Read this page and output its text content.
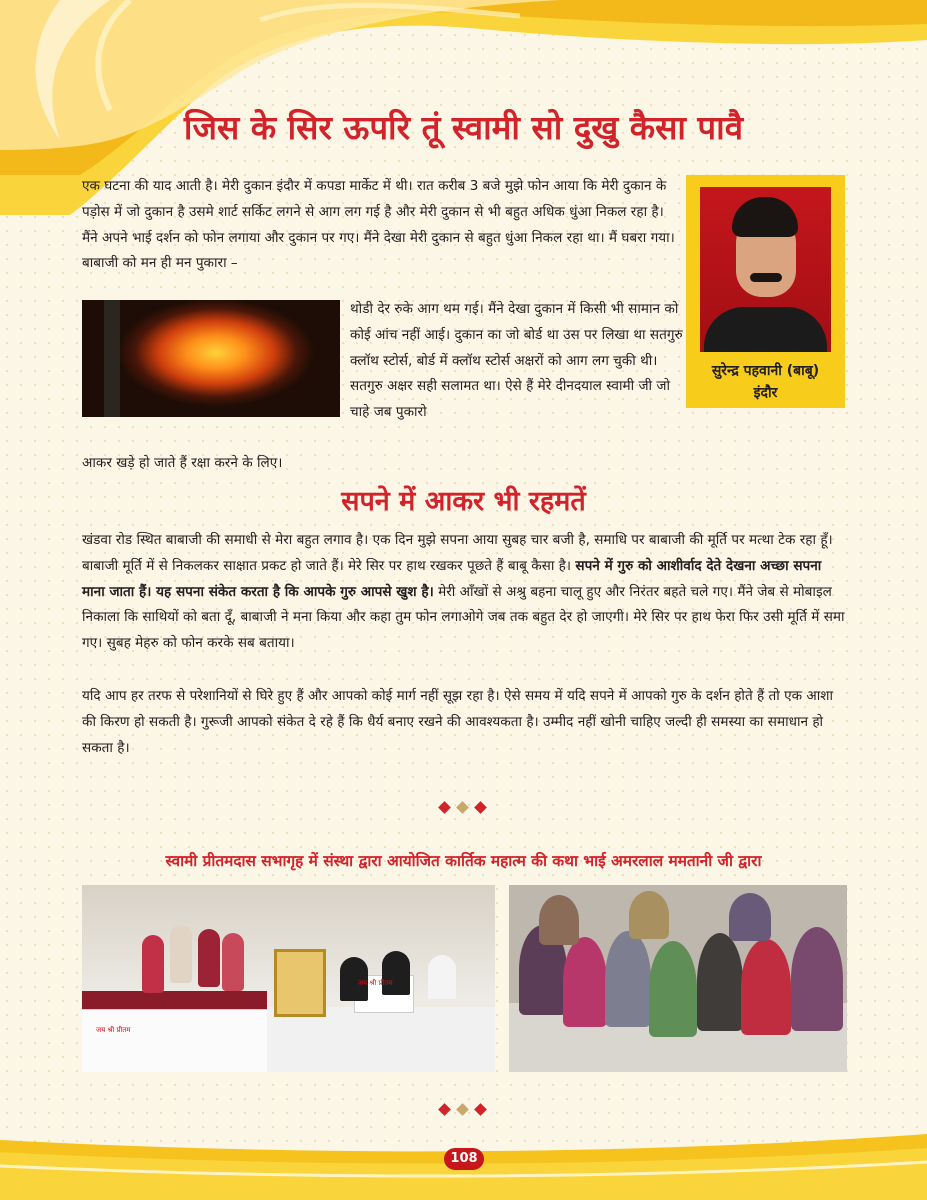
जिस के सिर ऊपरि तूं स्वामी सो दुखु कैसा पावै

एक घटना की याद आती है। मेरी दुकान इंदौर में कपडा मार्केट में थी। रात करीब 3 बजे मुझे फोन आया कि मेरी दुकान के पड़ोस में जो दुकान है उसमे शार्ट सर्किट लगने से आग लग गई है और मेरी दुकान से भी बहुत अधिक धुंआ निकल रहा है। मैंने अपने भाई दर्शन को फोन लगाया और दुकान पर गए। मैंने देखा मेरी दुकान से बहुत धुंआ निकल रहा था। मैं घबरा गया। बाबाजी को मन ही मन पुकारा –

थोडी देर रुके आग थम गई। मैंने देखा दुकान में किसी भी सामान को कोई आंच नहीं आई। दुकान का जो बोर्ड था उस पर लिखा था सतगुरु क्लॉथ स्टोर्स, बोर्ड में क्लॉथ स्टोर्स अक्षरों को आग लग चुकी थी। सतगुरु अक्षर सही सलामत था। ऐसे हैं मेरे दीनदयाल स्वामी जी जो चाहे जब पुकारो

आकर खड़े हो जाते हैं रक्षा करने के लिए।

सुरेन्द्र पहवानी (बाबू)

इंदौर

सपने में आकर भी रहमतें

खंडवा रोड स्थित बाबाजी की समाधी से मेरा बहुत लगाव है। एक दिन मुझे सपना आया सुबह चार बजी है, समाधि पर बाबाजी की मूर्ति पर मत्था टेक रहा हूँ। बाबाजी मूर्ति में से निकलकर साक्षात प्रकट हो जाते हैं। मेरे सिर पर हाथ रखकर पूछते हैं बाबू कैसा है। सपने में गुरु को आशीर्वाद देते देखना अच्छा सपना माना जाता हैं। यह सपना संकेत करता है कि आपके गुरु आपसे खुश है। मेरी आँखों से अश्रु बहना चालू हुए और निरंतर बहते चले गए। मैंने जेब से मोबाइल निकाला कि साथियों को बता दूँ, बाबाजी ने मना किया और कहा तुम फोन लगाओगे जब तक बहुत देर हो जाएगी। मेरे सिर पर हाथ फेरा फिर उसी मूर्ति में समा गए। सुबह मेहरु को फोन करके सब बताया।

यदि आप हर तरफ से परेशानियों से घिरे हुए हैं और आपको कोई मार्ग नहीं सूझ रहा है। ऐसे समय में यदि सपने में आपको गुरु के दर्शन होते हैं तो एक आशा की किरण हो सकती है। गुरूजी आपको संकेत दे रहे हैं कि धैर्य बनाए रखने की आवश्यकता है। उम्मीद नहीं खोनी चाहिए जल्दी ही समस्या का समाधान हो सकता है।

स्वामी प्रीतमदास सभागृह में संस्था द्वारा आयोजित कार्तिक महात्म की कथा भाई अमरलाल ममतानी जी द्वारा

जय श्री प्रीतम
जय श्री प्रीतम
108
